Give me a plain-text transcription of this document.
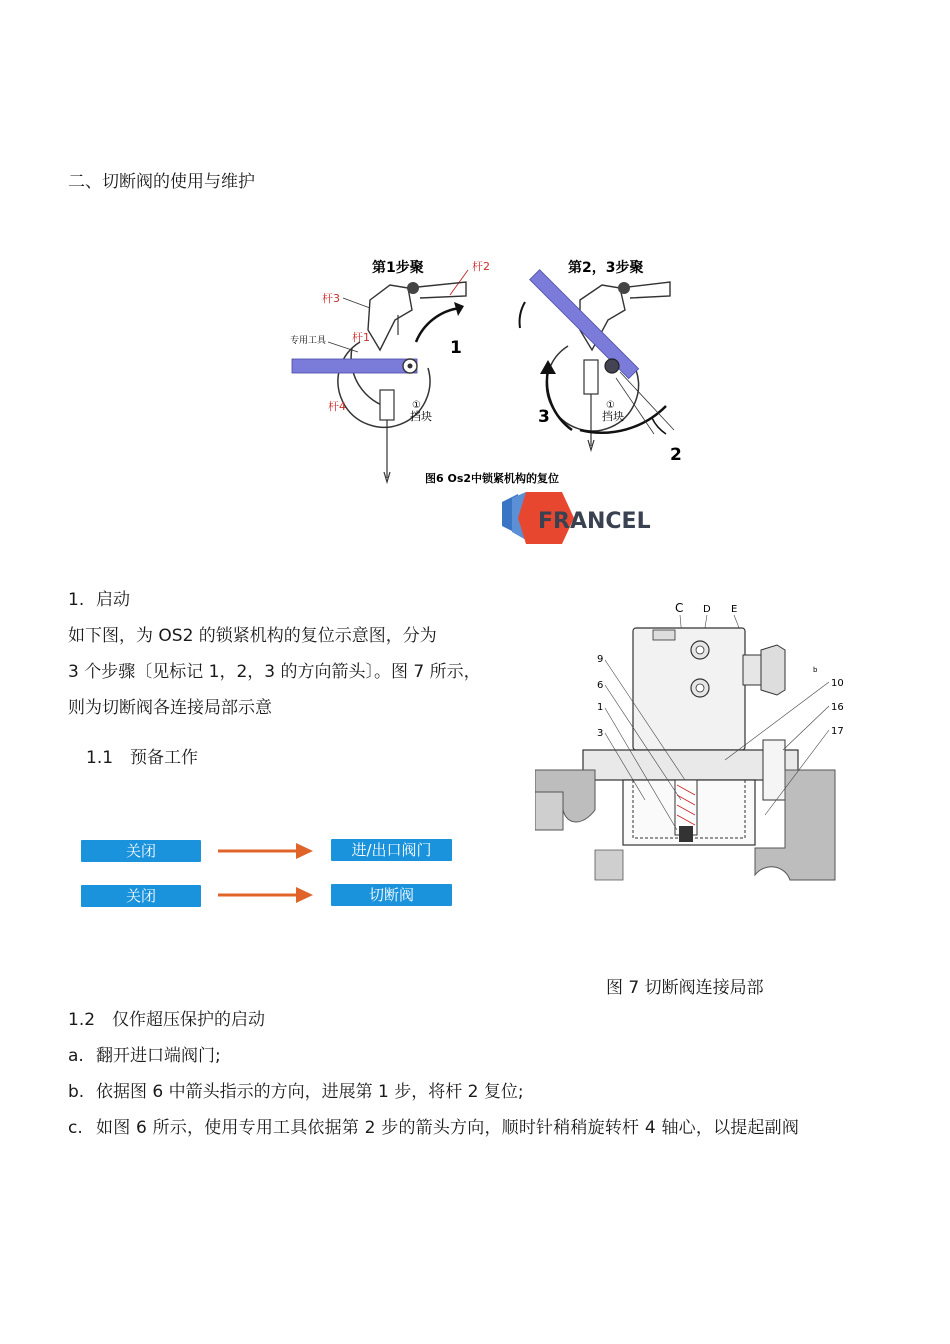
二、切断阀的使用与维护
第1步聚	杆2
杆3
杆1
专用工具
杆4	①
挡块
1
第2，3步聚
①
挡块
3
2
图6 Os2中锁紧机构的复位
FRANCEL
1. 启动
如下图，为 OS2 的锁紧机构的复位示意图，分为
3 个步骤〔见标记 1，2，3 的方向箭头〕。图 7 所示，
则为切断阀各连接局部示意
1.1 预备工作
关闭	进/出口阀门
关闭	切断阀
C D E
b
9
6
1
3
10
16
17
图 7 切断阀连接局部
1.2 仅作超压保护的启动
a. 翻开进口端阀门;
b. 依据图 6 中箭头指示的方向，进展第 1 步，将杆 2 复位;
c. 如图 6 所示，使用专用工具依据第 2 步的箭头方向，顺时针稍稍旋转杆 4 轴心，以提起副阀
